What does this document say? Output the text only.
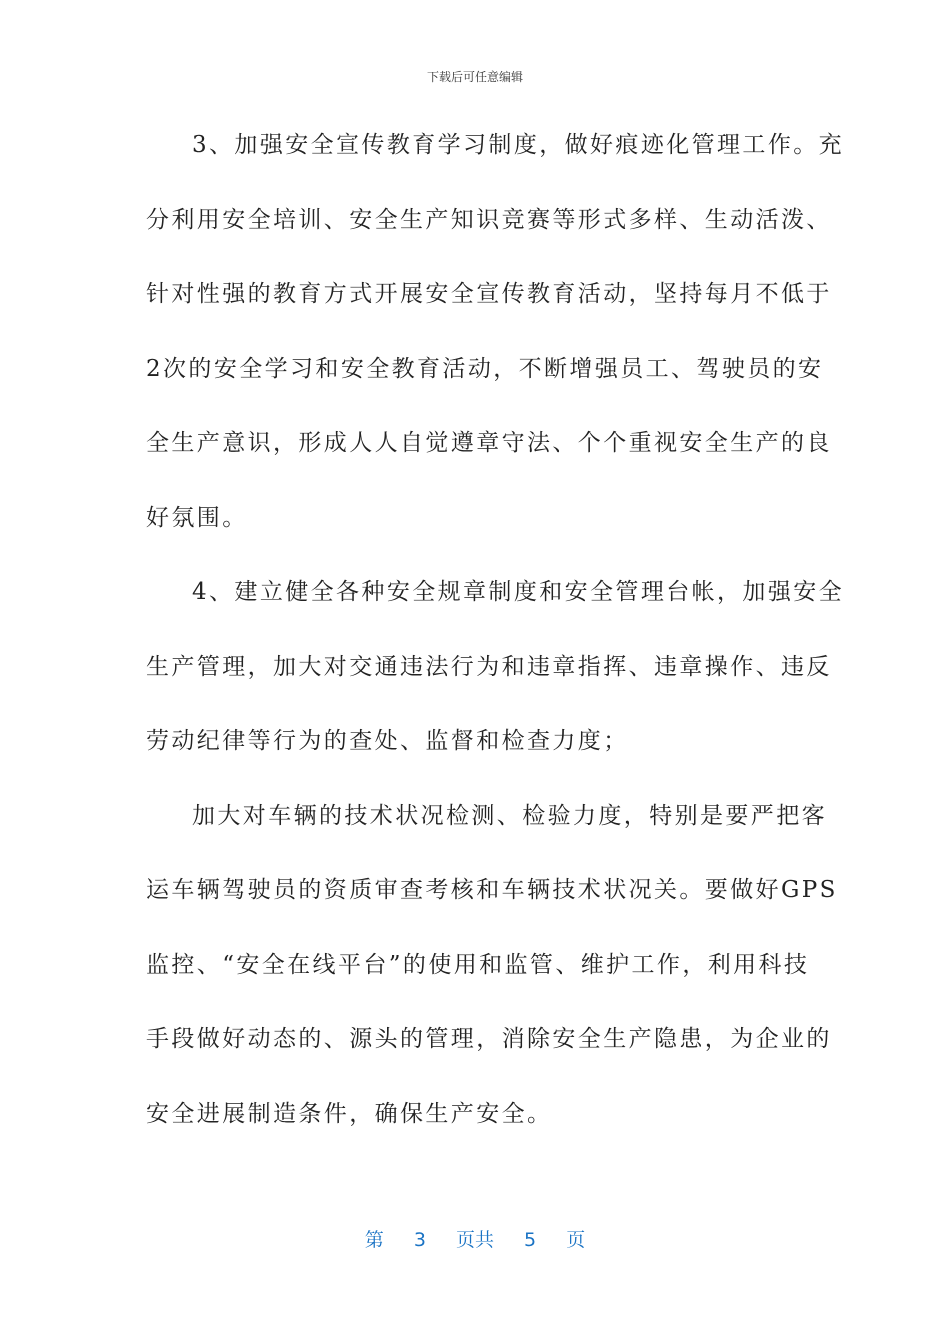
下载后可任意编辑
3、加强安全宣传教育学习制度，做好痕迹化管理工作。充
分利用安全培训、安全生产知识竞赛等形式多样、生动活泼、
针对性强的教育方式开展安全宣传教育活动，坚持每月不低于
2次的安全学习和安全教育活动，不断增强员工、驾驶员的安
全生产意识，形成人人自觉遵章守法、个个重视安全生产的良
好氛围。
4、建立健全各种安全规章制度和安全管理台帐，加强安全
生产管理，加大对交通违法行为和违章指挥、违章操作、违反
劳动纪律等行为的查处、监督和检查力度；
加大对车辆的技术状况检测、检验力度，特别是要严把客
运车辆驾驶员的资质审查考核和车辆技术状况关。要做好GPS
监控、“安全在线平台”的使用和监管、维护工作，利用科技
手段做好动态的、源头的管理，消除安全生产隐患，为企业的
安全进展制造条件，确保生产安全。
第 3 页共 5 页
